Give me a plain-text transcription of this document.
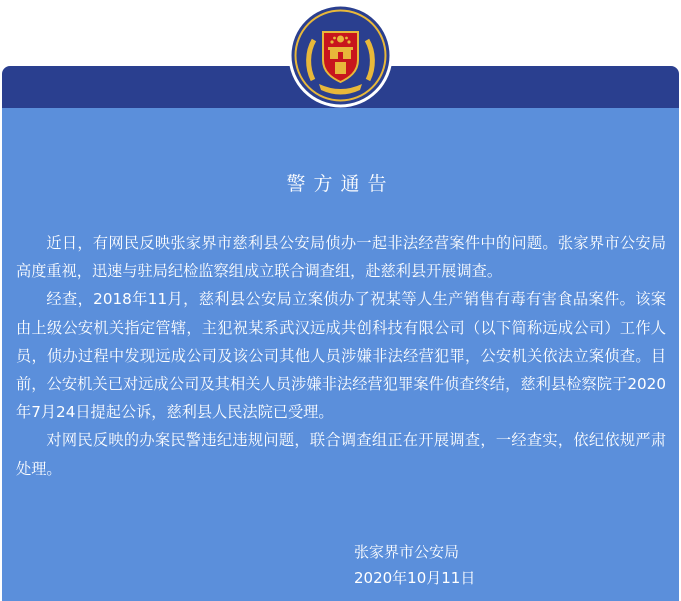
警方通告

近日，有网民反映张家界市慈利县公安局侦办一起非法经营案件中的问题。张家界市公安局高度重视，迅速与驻局纪检监察组成立联合调查组，赴慈利县开展调查。

经查，2018年11月，慈利县公安局立案侦办了祝某等人生产销售有毒有害食品案件。该案由上级公安机关指定管辖，主犯祝某系武汉远成共创科技有限公司（以下简称远成公司）工作人员，侦办过程中发现远成公司及该公司其他人员涉嫌非法经营犯罪，公安机关依法立案侦查。目前，公安机关已对远成公司及其相关人员涉嫌非法经营犯罪案件侦查终结，慈利县检察院于2020年7月24日提起公诉，慈利县人民法院已受理。

对网民反映的办案民警违纪违规问题，联合调查组正在开展调查，一经查实，依纪依规严肃处理。

张家界市公安局
2020年10月11日
